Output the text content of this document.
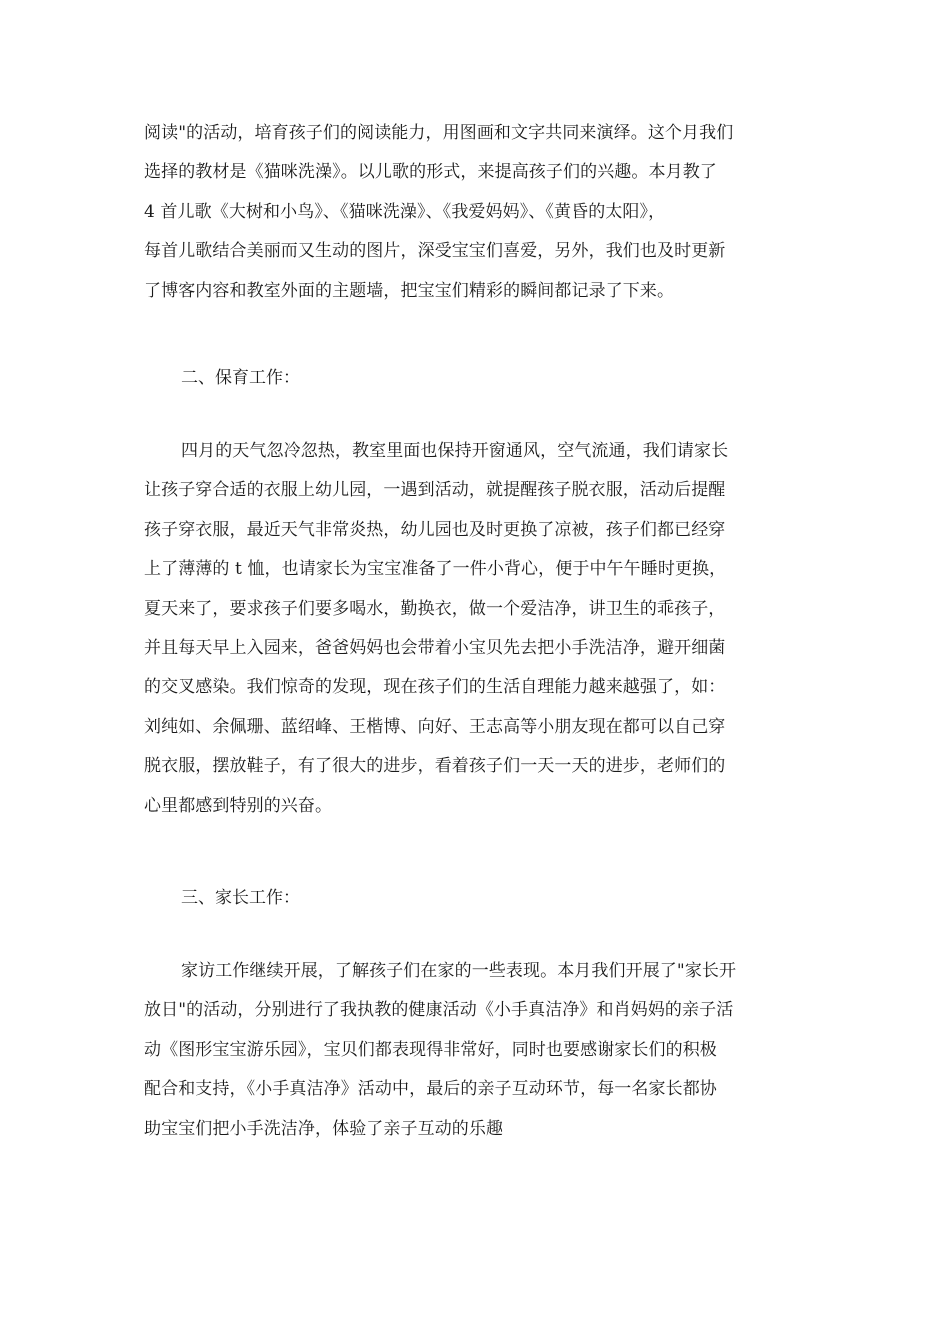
阅读"的活动，培育孩子们的阅读能力，用图画和文字共同来演绎。这个月我们
选择的教材是《猫咪洗澡》。以儿歌的形式，来提高孩子们的兴趣。本月教了
4 首儿歌《大树和小鸟》、《猫咪洗澡》、《我爱妈妈》、《黄昏的太阳》，
每首儿歌结合美丽而又生动的图片，深受宝宝们喜爱，另外，我们也及时更新
了博客内容和教室外面的主题墙，把宝宝们精彩的瞬间都记录了下来。
二、保育工作：
四月的天气忽冷忽热，教室里面也保持开窗通风，空气流通，我们请家长
让孩子穿合适的衣服上幼儿园，一遇到活动，就提醒孩子脱衣服，活动后提醒
孩子穿衣服，最近天气非常炎热，幼儿园也及时更换了凉被，孩子们都已经穿
上了薄薄的 t 恤，也请家长为宝宝准备了一件小背心，便于中午午睡时更换，
夏天来了，要求孩子们要多喝水，勤换衣，做一个爱洁净，讲卫生的乖孩子，
并且每天早上入园来，爸爸妈妈也会带着小宝贝先去把小手洗洁净，避开细菌
的交叉感染。我们惊奇的发现，现在孩子们的生活自理能力越来越强了，如：
刘纯如、余佩珊、蓝绍峰、王楷博、向好、王志高等小朋友现在都可以自己穿
脱衣服，摆放鞋子，有了很大的进步，看着孩子们一天一天的进步，老师们的
心里都感到特别的兴奋。
三、家长工作：
家访工作继续开展，了解孩子们在家的一些表现。本月我们开展了"家长开
放日"的活动，分别进行了我执教的健康活动《小手真洁净》和肖妈妈的亲子活
动《图形宝宝游乐园》，宝贝们都表现得非常好，同时也要感谢家长们的积极
配合和支持，《小手真洁净》活动中，最后的亲子互动环节，每一名家长都协
助宝宝们把小手洗洁净，体验了亲子互动的乐趣
